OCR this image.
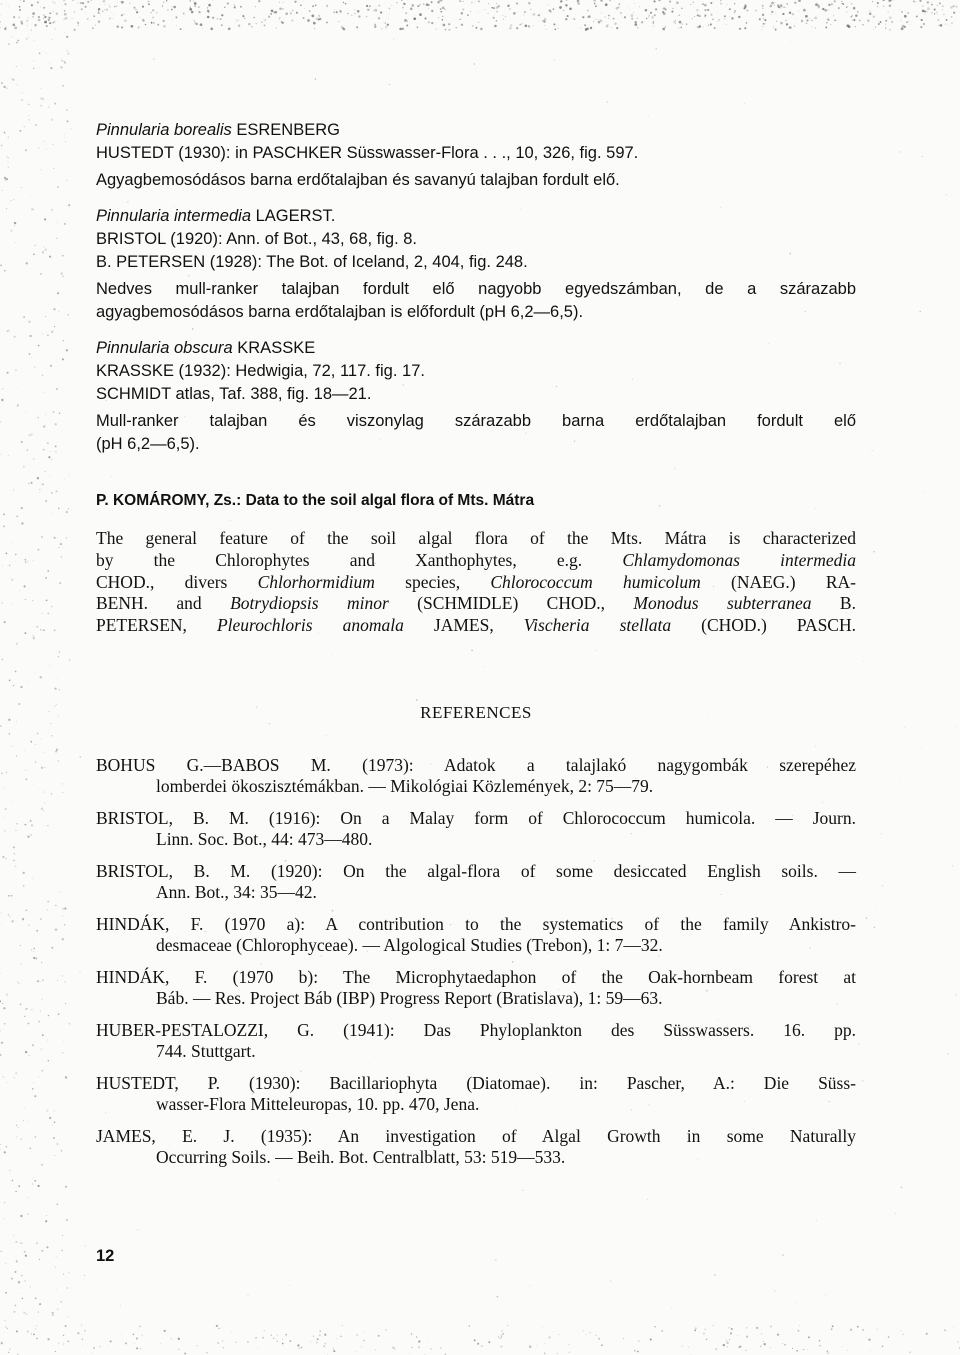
Pinnularia borealis ESRENBERG
HUSTEDT (1930): in PASCHKER Süsswasser-Flora . . ., 10, 326, fig. 597.
Agyagbemosódásos barna erdőtalajban és savanyú talajban fordult elő.
Pinnularia intermedia LAGERST.
BRISTOL (1920): Ann. of Bot., 43, 68, fig. 8.
B. PETERSEN (1928): The Bot. of Iceland, 2, 404, fig. 248.
Nedves mull-ranker talajban fordult elő nagyobb egyedszámban, de a szárazabb
agyagbemosódásos barna erdőtalajban is előfordult (pH 6,2—6,5).
Pinnularia obscura KRASSKE
KRASSKE (1932): Hedwigia, 72, 117. fig. 17.
SCHMIDT atlas, Taf. 388, fig. 18—21.
Mull-ranker talajban és viszonylag szárazabb barna erdőtalajban fordult elő
(pH 6,2—6,5).
P. KOMÁROMY, Zs.: Data to the soil algal flora of Mts. Mátra

The general feature of the soil algal flora of the Mts. Mátra is characterized

by the Chlorophytes and Xanthophytes, e.g. Chlamydomonas intermedia

CHOD., divers Chlorhormidium species, Chlorococcum humicolum (NAEG.) RA-

BENH. and Botrydiopsis minor (SCHMIDLE) CHOD., Monodus subterranea B.

PETERSEN, Pleurochloris anomala JAMES, Vischeria stellata (CHOD.) PASCH.

REFERENCES
BOHUS G.—BABOS M. (1973): Adatok a talajlakó nagygombák szerepéhez
lomberdei ökoszisztémákban. — Mikológiai Közlemények, 2: 75—79.
BRISTOL, B. M. (1916): On a Malay form of Chlorococcum humicola. — Journ.
Linn. Soc. Bot., 44: 473—480.
BRISTOL, B. M. (1920): On the algal-flora of some desiccated English soils. —
Ann. Bot., 34: 35—42.
HINDÁK, F. (1970 a): A contribution to the systematics of the family Ankistro-
desmaceae (Chlorophyceae). — Algological Studies (Trebon), 1: 7—32.
HINDÁK, F. (1970 b): The Microphytaedaphon of the Oak-hornbeam forest at
Báb. — Res. Project Báb (IBP) Progress Report (Bratislava), 1: 59—63.
HUBER-PESTALOZZI, G. (1941): Das Phyloplankton des Süsswassers. 16. pp.
744. Stuttgart.
HUSTEDT, P. (1930): Bacillariophyta (Diatomae). in: Pascher, A.: Die Süss-
wasser-Flora Mitteleuropas, 10. pp. 470, Jena.
JAMES, E. J. (1935): An investigation of Algal Growth in some Naturally
Occurring Soils. — Beih. Bot. Centralblatt, 53: 519—533.
12
